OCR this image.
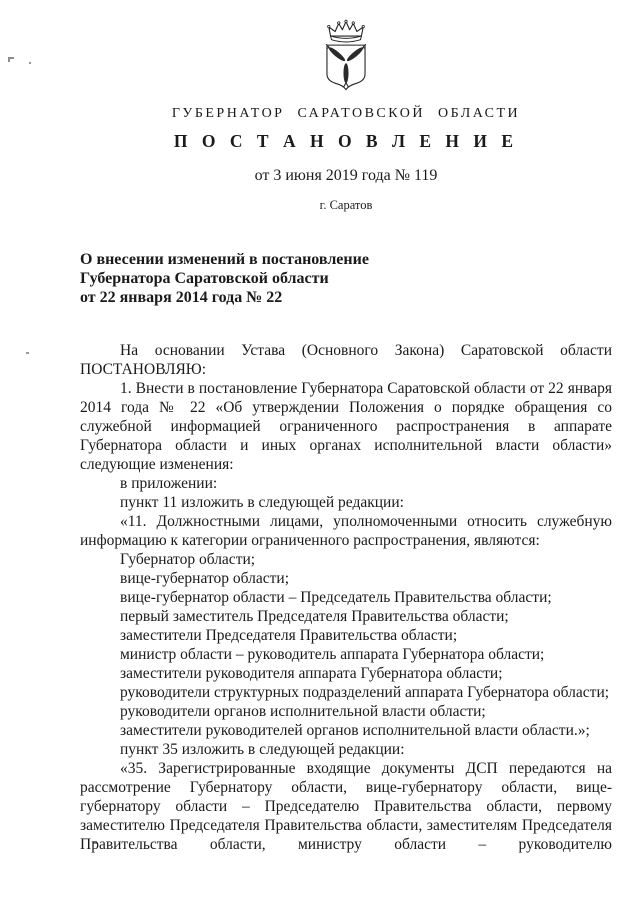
ГУБЕРНАТОР САРАТОВСКОЙ ОБЛАСТИ
П О С Т А Н О В Л Е Н И Е
от 3 июня 2019 года № 119
г. Саратов
О внесении изменений в постановление
Губернатора Саратовской области
от 22 января 2014 года № 22

На основании Устава (Основного Закона) Саратовской области ПОСТАНОВЛЯЮ:

1. Внести в постановление Губернатора Саратовской области от 22 января 2014 года № 22 «Об утверждении Положения о порядке обращения со служебной информацией ограниченного распространения в аппарате Губернатора области и иных органах исполнительной власти области» следующие изменения:

в приложении:

пункт 11 изложить в следующей редакции:

«11. Должностными лицами, уполномоченными относить служебную информацию к категории ограниченного распространения, являются:

Губернатор области;

вице-губернатор области;

вице-губернатор области – Председатель Правительства области;

первый заместитель Председателя Правительства области;

заместители Председателя Правительства области;

министр области – руководитель аппарата Губернатора области;

заместители руководителя аппарата Губернатора области;

руководители структурных подразделений аппарата Губернатора области;

руководители органов исполнительной власти области;

заместители руководителей органов исполнительной власти области.»;

пункт 35 изложить в следующей редакции:

«35. Зарегистрированные входящие документы ДСП передаются на рассмотрение Губернатору области, вице-губернатору области, вице-губернатору области – Председателю Правительства области, первому заместителю Председателя Правительства области, заместителям Председателя Правительства области, министру области – руководителю
